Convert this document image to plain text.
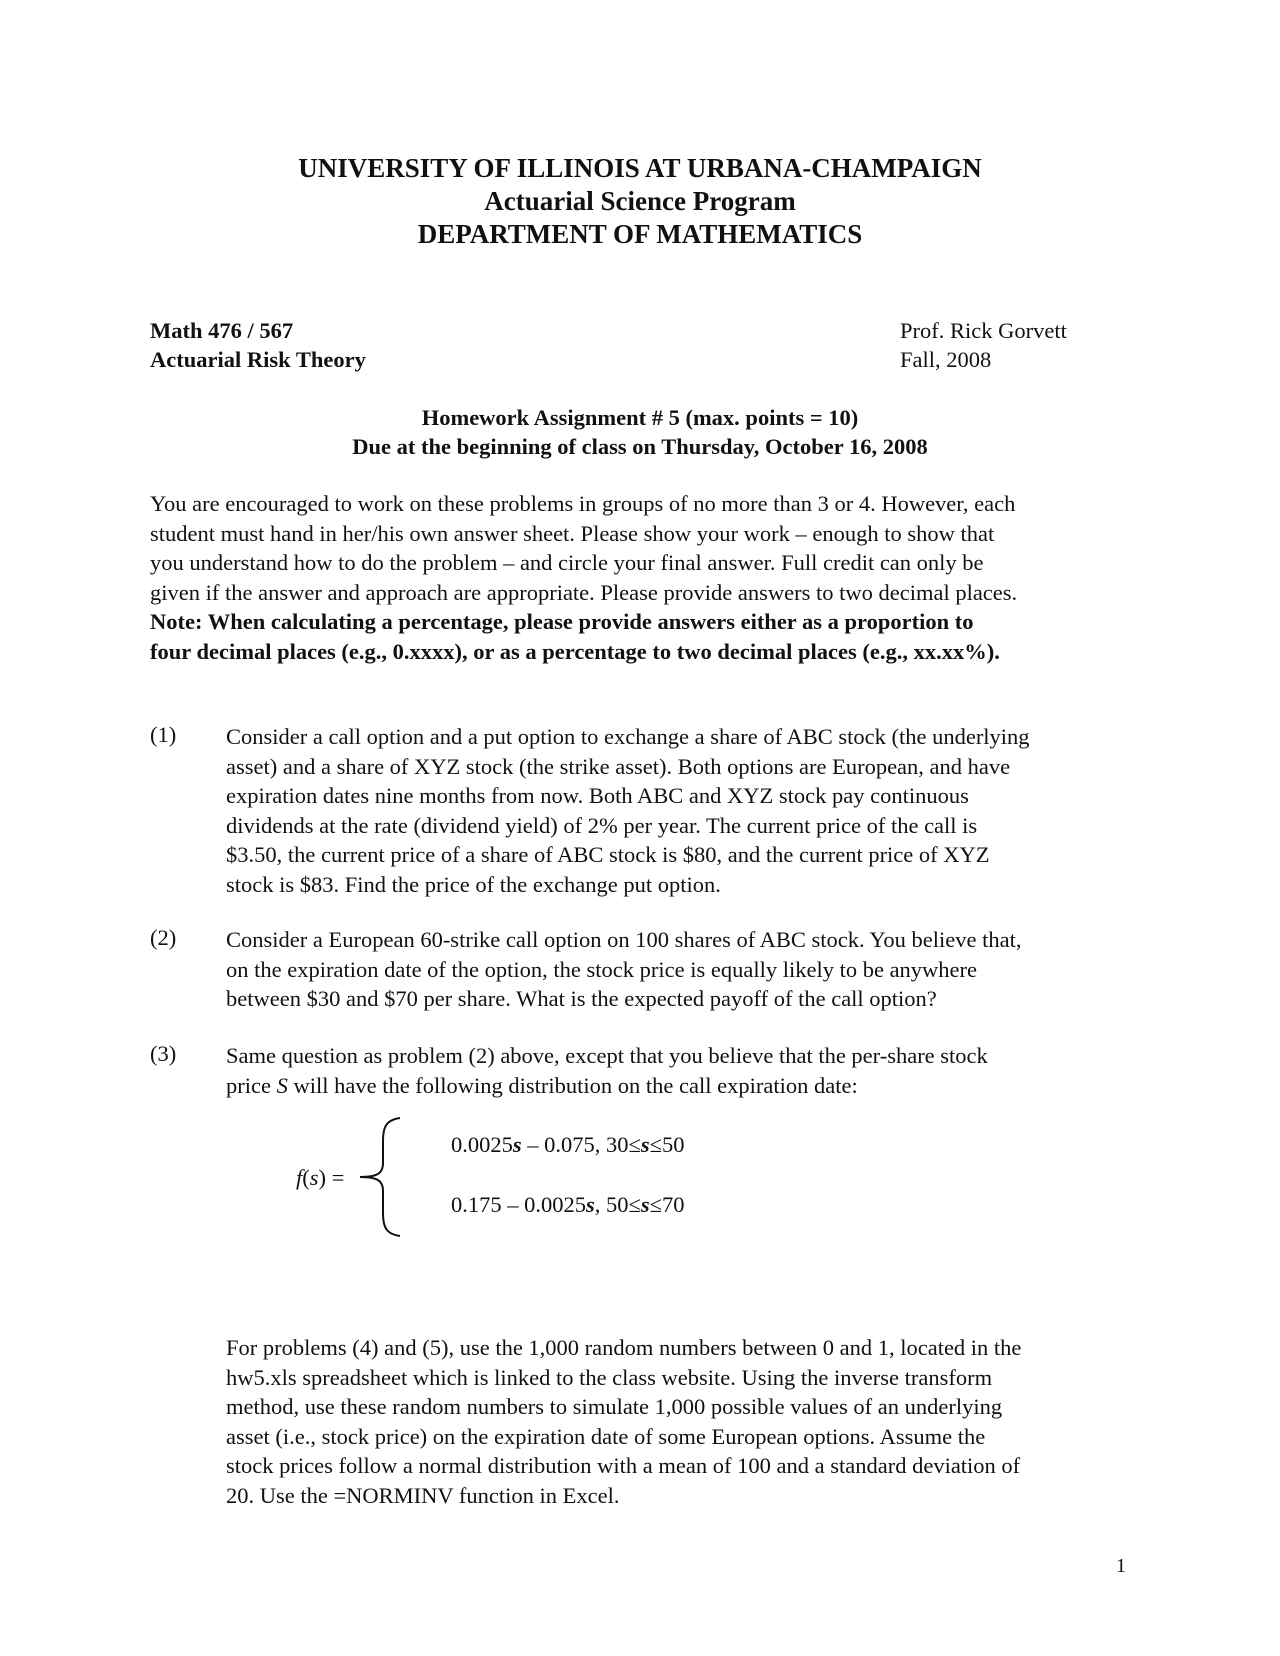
UNIVERSITY OF ILLINOIS AT URBANA-CHAMPAIGN
Actuarial Science Program
DEPARTMENT OF MATHEMATICS
Math 476 / 567
Actuarial Risk Theory
Prof. Rick Gorvett
Fall, 2008
Homework Assignment # 5 (max. points = 10)
Due at the beginning of class on Thursday, October 16, 2008
You are encouraged to work on these problems in groups of no more than 3 or 4. However, each
student must hand in her/his own answer sheet. Please show your work – enough to show that
you understand how to do the problem – and circle your final answer. Full credit can only be
given if the answer and approach are appropriate. Please provide answers to two decimal places.
Note: When calculating a percentage, please provide answers either as a proportion to
four decimal places (e.g., 0.xxxx), or as a percentage to two decimal places (e.g., xx.xx%).
(1) Consider a call option and a put option to exchange a share of ABC stock (the underlying
asset) and a share of XYZ stock (the strike asset). Both options are European, and have
expiration dates nine months from now. Both ABC and XYZ stock pay continuous
dividends at the rate (dividend yield) of 2% per year. The current price of the call is
$3.50, the current price of a share of ABC stock is $80, and the current price of XYZ
stock is $83. Find the price of the exchange put option.
(2) Consider a European 60-strike call option on 100 shares of ABC stock. You believe that,
on the expiration date of the option, the stock price is equally likely to be anywhere
between $30 and $70 per share. What is the expected payoff of the call option?
(3) Same question as problem (2) above, except that you believe that the per-share stock
price S will have the following distribution on the call expiration date:
f(s) =
0.0025s – 0.075, 30≤s≤50
0.175 – 0.0025s, 50≤s≤70
For problems (4) and (5), use the 1,000 random numbers between 0 and 1, located in the
hw5.xls spreadsheet which is linked to the class website. Using the inverse transform
method, use these random numbers to simulate 1,000 possible values of an underlying
asset (i.e., stock price) on the expiration date of some European options. Assume the
stock prices follow a normal distribution with a mean of 100 and a standard deviation of
20. Use the =NORMINV function in Excel.
1
